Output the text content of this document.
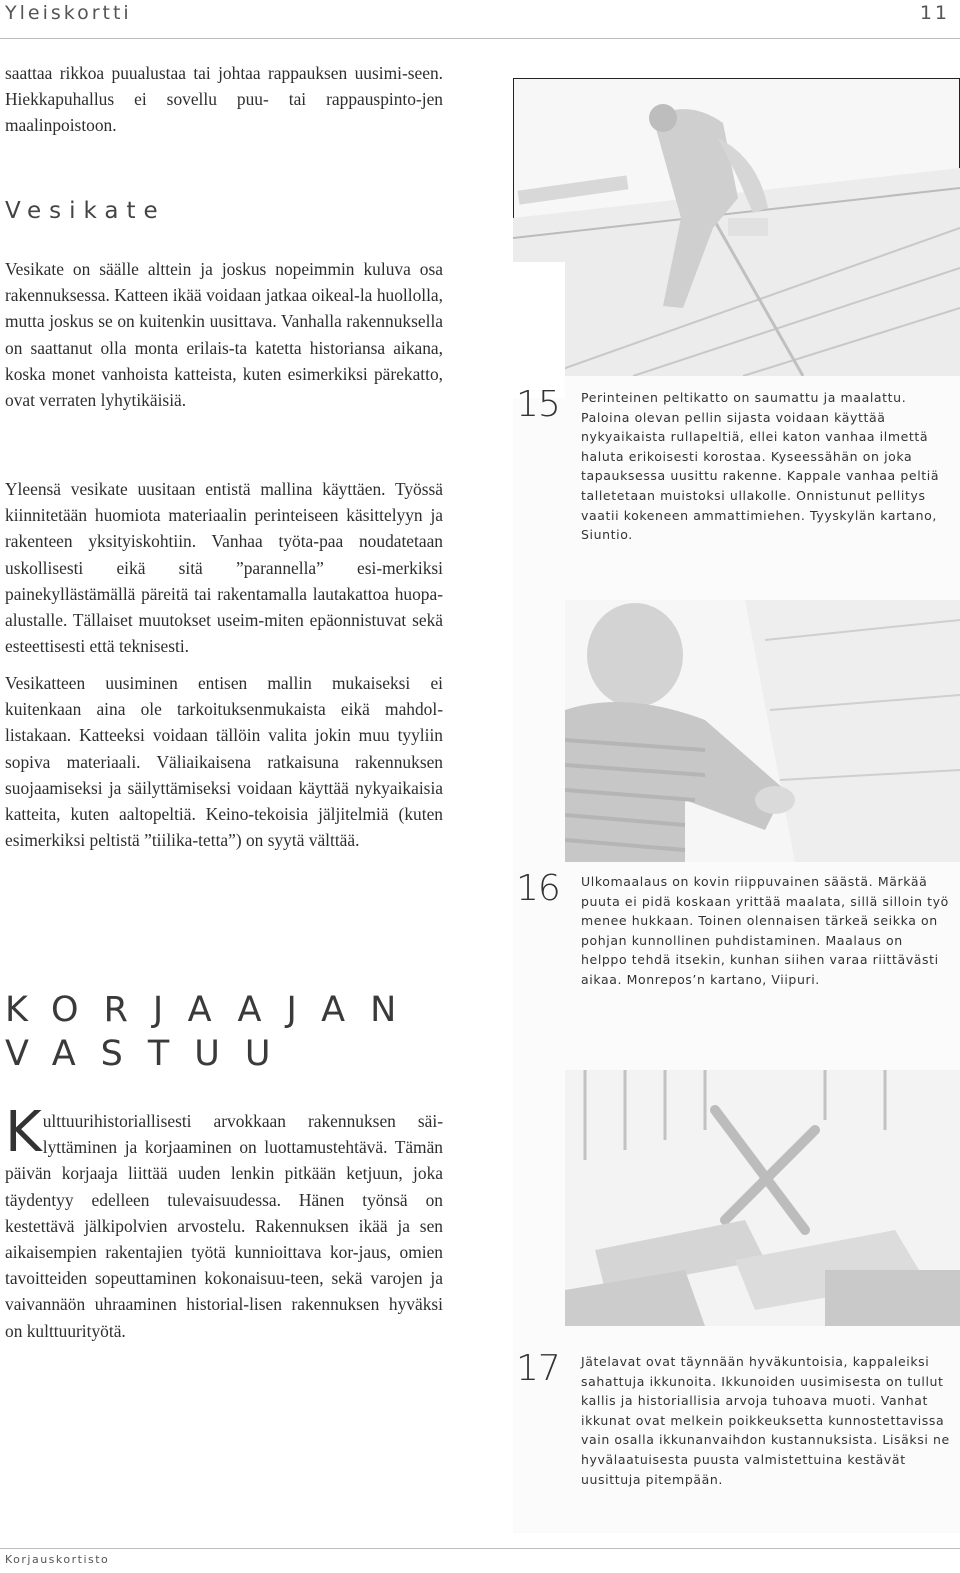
Yleiskortti	11

saattaa rikkoa puualustaa tai johtaa rappauksen uusimi-seen. Hiekkapuhallus ei sovellu puu- tai rappauspinto-jen maalinpoistoon.

Vesikate

Vesikate on säälle alttein ja joskus nopeimmin kuluva osa rakennuksessa. Katteen ikää voidaan jatkaa oikeal-la huollolla, mutta joskus se on kuitenkin uusittava. Vanhalla rakennuksella on saattanut olla monta erilais-ta katetta historiansa aikana, koska monet vanhoista katteista, kuten esimerkiksi pärekatto, ovat verraten lyhytikäisiä.

Yleensä vesikate uusitaan entistä mallina käyttäen. Työssä kiinnitetään huomiota materiaalin perinteiseen käsittelyyn ja rakenteen yksityiskohtiin. Vanhaa työta-paa noudatetaan uskollisesti eikä sitä ”parannella” esi-merkiksi painekyllästämällä päreitä tai rakentamalla lautakattoa huopa-alustalle. Tällaiset muutokset useim-miten epäonnistuvat sekä esteettisesti että teknisesti.

Vesikatteen uusiminen entisen mallin mukaiseksi ei kuitenkaan aina ole tarkoituksenmukaista eikä mahdol-listakaan. Katteeksi voidaan tällöin valita jokin muu tyyliin sopiva materiaali. Väliaikaisena ratkaisuna rakennuksen suojaamiseksi ja säilyttämiseksi voidaan käyttää nykyaikaisia katteita, kuten aaltopeltiä. Keino-tekoisia jäljitelmiä (kuten esimerkiksi peltistä ”tiilika-tetta”) on syytä välttää.

KORJAAJAN
VASTUU
K ulttuurihistoriallisesti arvokkaan rakennuksen säi-lyttäminen ja korjaaminen on luottamustehtävä. Tämän päivän korjaaja liittää uuden lenkin pitkään ketjuun, joka täydentyy edelleen tulevaisuudessa. Hänen työnsä on kestettävä jälkipolvien arvostelu. Rakennuksen ikää ja sen aikaisempien rakentajien työtä kunnioittava kor-jaus, omien tavoitteiden sopeuttaminen kokonaisuu-teen, sekä varojen ja vaivannäön uhraaminen historial-lisen rakennuksen hyväksi on kulttuurityötä.
15 Perinteinen peltikatto on saumattu ja maalattu. Paloina olevan pellin sijasta voidaan käyttää nykyaikaista rullapeltiä, ellei katon vanhaa ilmettä haluta erikoisesti korostaa. Kyseessähän on joka tapauksessa uusittu rakenne. Kappale vanhaa peltiä talletetaan muistoksi ullakolle. Onnistunut pellitys vaatii kokeneen ammattimiehen. Tyyskylän kartano, Siuntio.
16 Ulkomaalaus on kovin riippuvainen säästä. Märkää puuta ei pidä koskaan yrittää maalata, sillä silloin työ menee hukkaan. Toinen olennaisen tärkeä seikka on pohjan kunnollinen puhdistaminen. Maalaus on helppo tehdä itsekin, kunhan siihen varaa riittävästi aikaa. Monrepos’n kartano, Viipuri.
17 Jätelavat ovat täynnään hyväkuntoisia, kappaleiksi sahattuja ikkunoita. Ikkunoiden uusimisesta on tullut kallis ja historiallisia arvoja tuhoava muoti. Vanhat ikkunat ovat melkein poikkeuksetta kunnostettavissa vain osalla ikkunanvaihdon kustannuksista. Lisäksi ne hyvälaatuisesta puusta valmistettuina kestävät uusittuja pitempään.
Korjauskortisto
